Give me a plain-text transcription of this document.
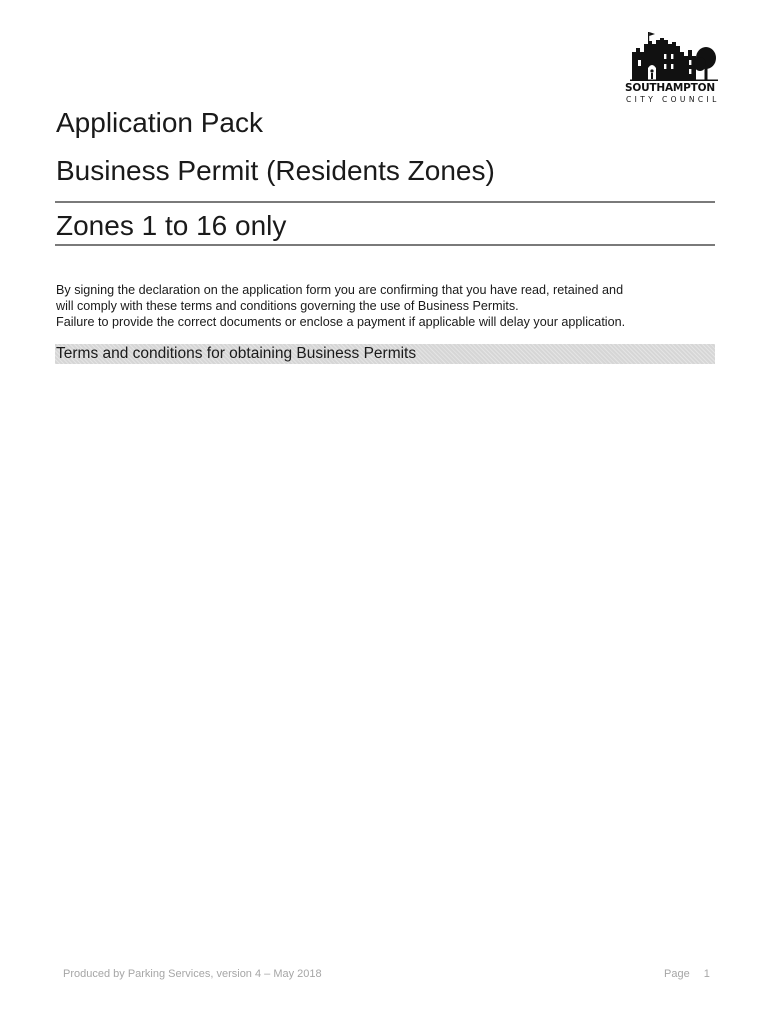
SOUTHAMPTON
CITY COUNCIL
Application Pack
Business Permit (Residents Zones)
Zones 1 to 16 only
By signing the declaration on the application form you are confirming that you have read, retained and
will comply with these terms and conditions governing the use of Business Permits.
Failure to provide the correct documents or enclose a payment if applicable will delay your application.
Terms and conditions for obtaining Business Permits
Produced by Parking Services, version 4 – May 2018	Page 1
